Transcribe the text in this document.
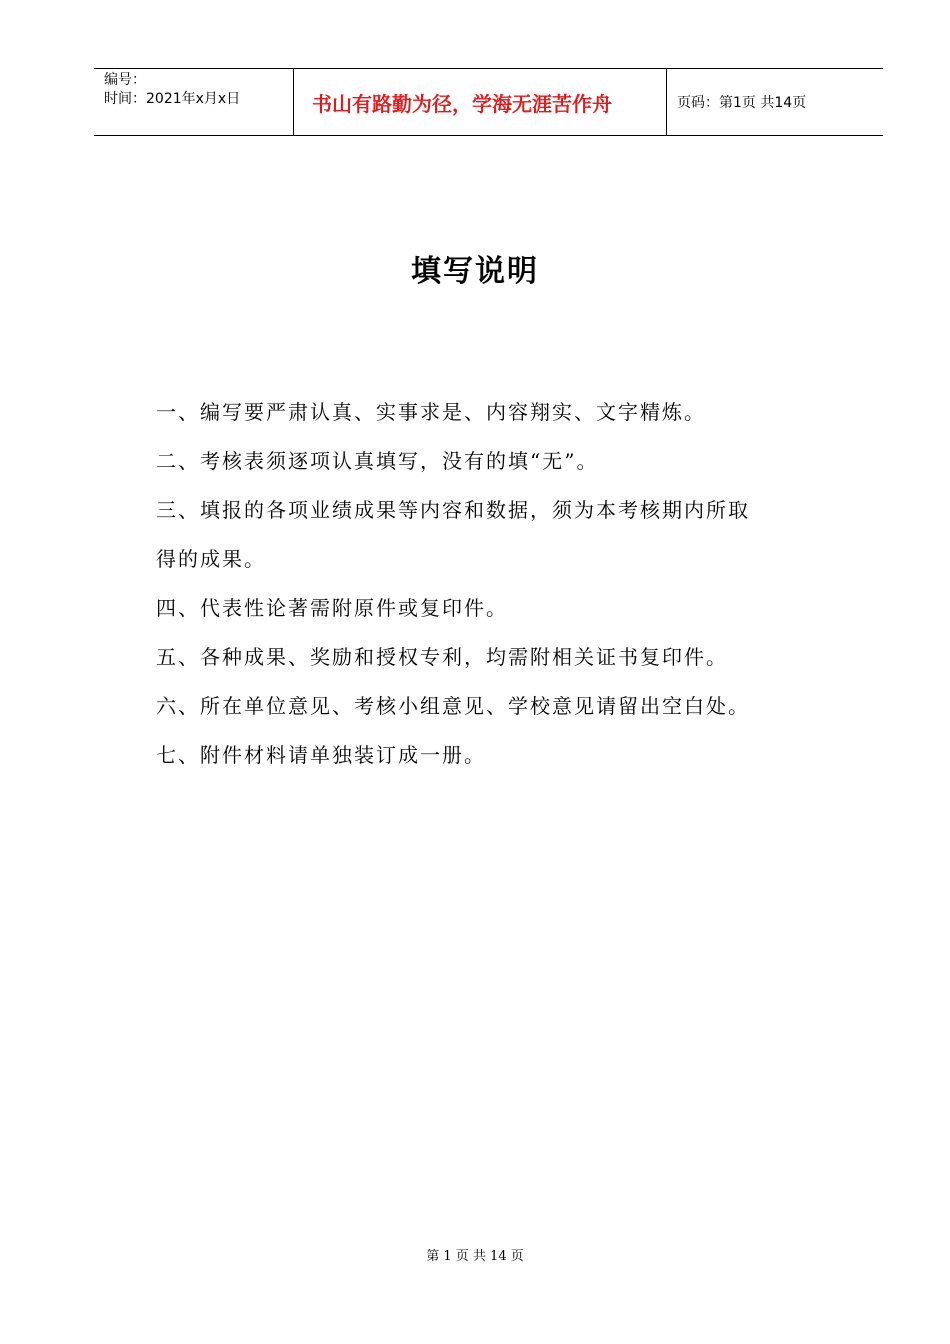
编号：
时间：2021年x月x日	书山有路勤为径，学海无涯苦作舟	页码：第1页 共14页
填写说明
一、编写要严肃认真、实事求是、内容翔实、文字精炼。
二、考核表须逐项认真填写，没有的填“无”。
三、填报的各项业绩成果等内容和数据，须为本考核期内所取
得的成果。
四、代表性论著需附原件或复印件。
五、各种成果、奖励和授权专利，均需附相关证书复印件。
六、所在单位意见、考核小组意见、学校意见请留出空白处。
七、附件材料请单独装订成一册。
第 1 页 共 14 页
